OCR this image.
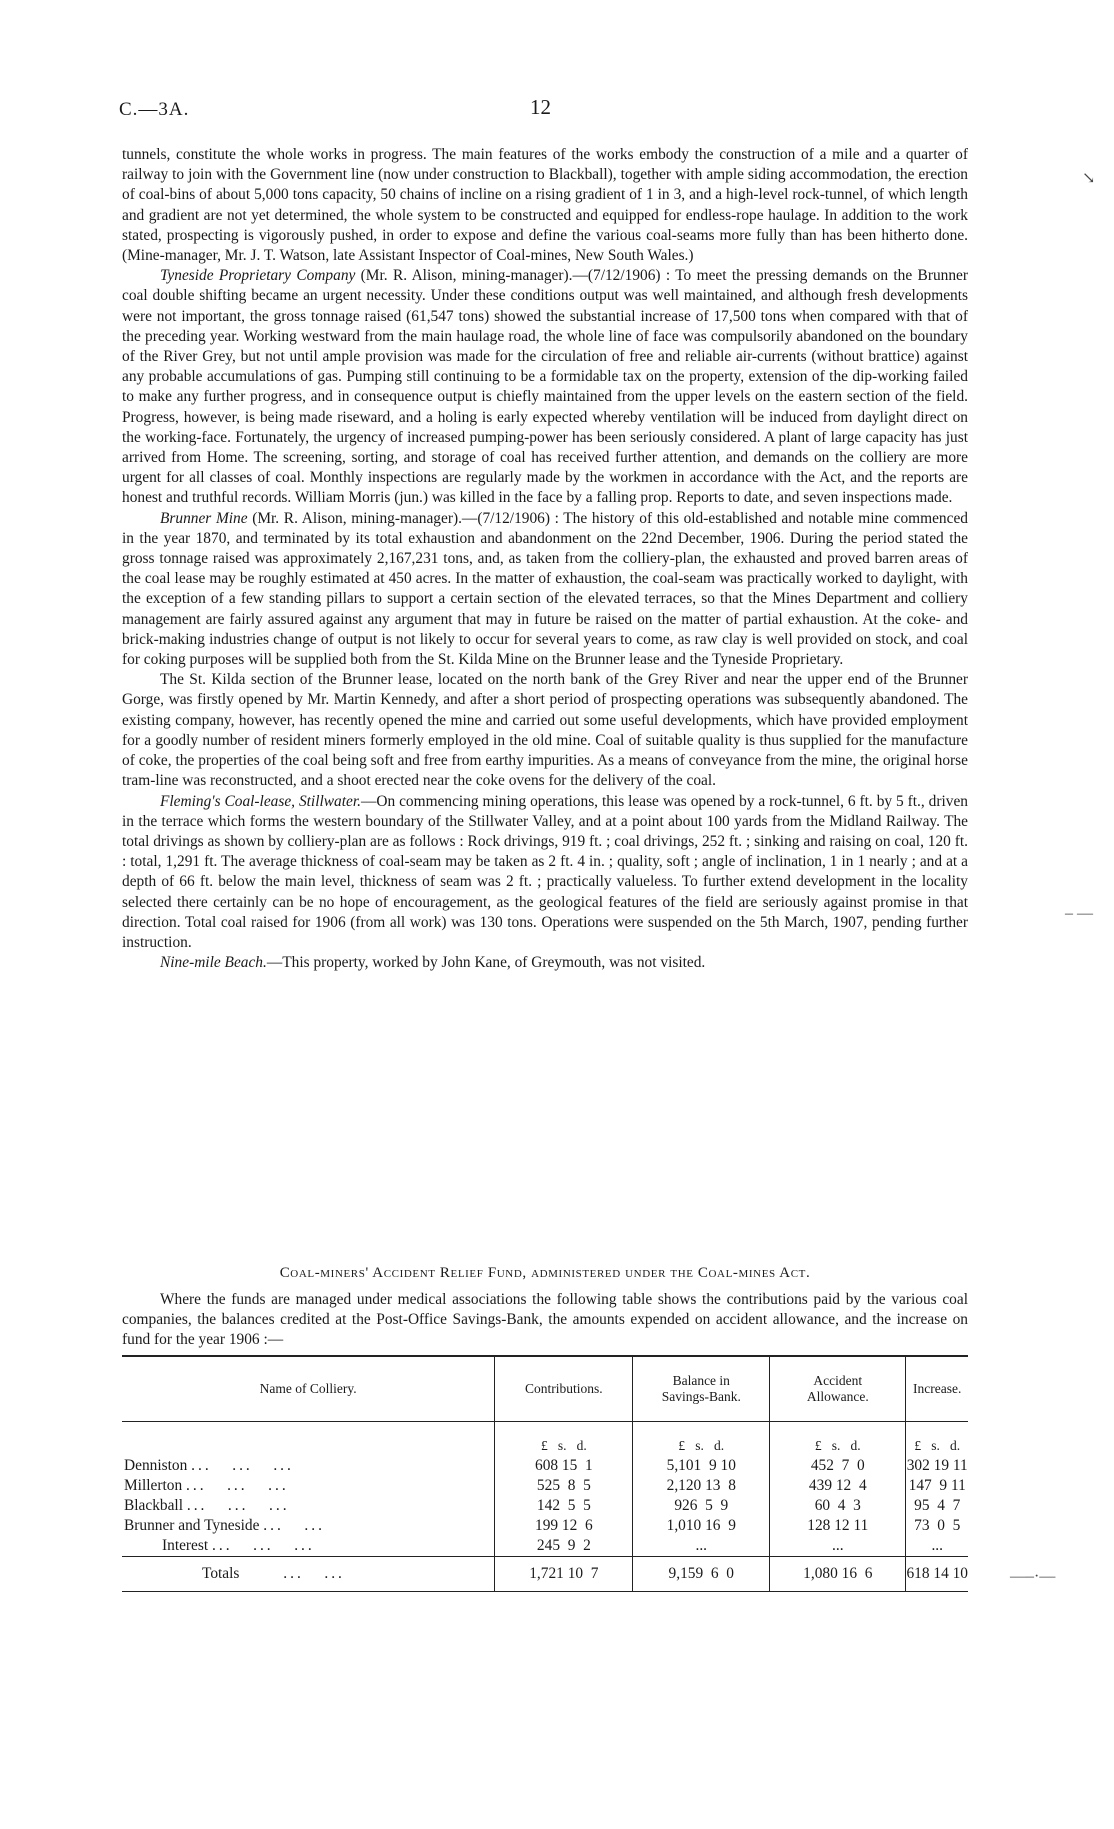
C.—3A.	12

tunnels, constitute the whole works in progress. The main features of the works embody the construction of a mile and a quarter of railway to join with the Government line (now under construction to Blackball), together with ample siding accommodation, the erection of coal-bins of about 5,000 tons capacity, 50 chains of incline on a rising gradient of 1 in 3, and a high-level rock-tunnel, of which length and gradient are not yet determined, the whole system to be constructed and equipped for endless-rope haulage. In addition to the work stated, prospecting is vigorously pushed, in order to expose and define the various coal-seams more fully than has been hitherto done. (Mine-manager, Mr. J. T. Watson, late Assistant Inspector of Coal-mines, New South Wales.)

Tyneside Proprietary Company (Mr. R. Alison, mining-manager).—(7/12/1906) : To meet the pressing demands on the Brunner coal double shifting became an urgent necessity. Under these conditions output was well maintained, and although fresh developments were not important, the gross tonnage raised (61,547 tons) showed the substantial increase of 17,500 tons when compared with that of the preceding year. Working westward from the main haulage road, the whole line of face was compulsorily abandoned on the boundary of the River Grey, but not until ample provision was made for the circulation of free and reliable air-currents (without brattice) against any probable accumulations of gas. Pumping still continuing to be a formidable tax on the property, extension of the dip-working failed to make any further progress, and in consequence output is chiefly maintained from the upper levels on the eastern section of the field. Progress, however, is being made riseward, and a holing is early expected whereby ventilation will be induced from daylight direct on the working-face. Fortunately, the urgency of increased pumping-power has been seriously considered. A plant of large capacity has just arrived from Home. The screening, sorting, and storage of coal has received further attention, and demands on the colliery are more urgent for all classes of coal. Monthly inspections are regularly made by the workmen in accordance with the Act, and the reports are honest and truthful records. William Morris (jun.) was killed in the face by a falling prop. Reports to date, and seven inspections made.

Brunner Mine (Mr. R. Alison, mining-manager).—(7/12/1906) : The history of this old-established and notable mine commenced in the year 1870, and terminated by its total exhaustion and abandonment on the 22nd December, 1906. During the period stated the gross tonnage raised was approximately 2,167,231 tons, and, as taken from the colliery-plan, the exhausted and proved barren areas of the coal lease may be roughly estimated at 450 acres. In the matter of exhaustion, the coal-seam was practically worked to daylight, with the exception of a few standing pillars to support a certain section of the elevated terraces, so that the Mines Department and colliery management are fairly assured against any argument that may in future be raised on the matter of partial exhaustion. At the coke- and brick-making industries change of output is not likely to occur for several years to come, as raw clay is well provided on stock, and coal for coking purposes will be supplied both from the St. Kilda Mine on the Brunner lease and the Tyneside Proprietary.

The St. Kilda section of the Brunner lease, located on the north bank of the Grey River and near the upper end of the Brunner Gorge, was firstly opened by Mr. Martin Kennedy, and after a short period of prospecting operations was subsequently abandoned. The existing company, however, has recently opened the mine and carried out some useful developments, which have provided employment for a goodly number of resident miners formerly employed in the old mine. Coal of suitable quality is thus supplied for the manufacture of coke, the properties of the coal being soft and free from earthy impurities. As a means of conveyance from the mine, the original horse tram-line was reconstructed, and a shoot erected near the coke ovens for the delivery of the coal.

Fleming's Coal-lease, Stillwater.—On commencing mining operations, this lease was opened by a rock-tunnel, 6 ft. by 5 ft., driven in the terrace which forms the western boundary of the Stillwater Valley, and at a point about 100 yards from the Midland Railway. The total drivings as shown by colliery-plan are as follows : Rock drivings, 919 ft. ; coal drivings, 252 ft. ; sinking and raising on coal, 120 ft. : total, 1,291 ft. The average thickness of coal-seam may be taken as 2 ft. 4 in. ; quality, soft ; angle of inclination, 1 in 1 nearly ; and at a depth of 66 ft. below the main level, thickness of seam was 2 ft. ; practically valueless. To further extend development in the locality selected there certainly can be no hope of encouragement, as the geological features of the field are seriously against promise in that direction. Total coal raised for 1906 (from all work) was 130 tons. Operations were suspended on the 5th March, 1907, pending further instruction.

Nine-mile Beach.—This property, worked by John Kane, of Greymouth, was not visited.

Coal-miners' Accident Relief Fund, administered under the Coal-mines Act.

Where the funds are managed under medical associations the following table shows the contributions paid by the various coal companies, the balances credited at the Post-Office Savings-Bank, the amounts expended on accident allowance, and the increase on fund for the year 1906 :—

Name of Colliery.	Contributions.	Balance in Savings-Bank.	Accident Allowance.	Increase.
	£   s.   d.	£   s.   d.	£   s.   d.	£   s.   d.
Denniston ...   ...   ...	608 15  1	5,101  9 10	452  7  0	302 19 11
Millerton ...   ...   ...	525  8  5	2,120 13  8	439 12  4	147  9 11
Blackball ...   ...   ...	142  5  5	926  5  9	60  4  3	95  4  7
Brunner and Tyneside ...   ...	199 12  6	1,010 16  9	128 12 11	73  0  5
Interest ...   ...   ...	245  9  2	...	...	...
Totals ...   ...	1,721 10  7	9,159  6  0	1,080 16  6	618 14 10
↘
– —
—–·—
